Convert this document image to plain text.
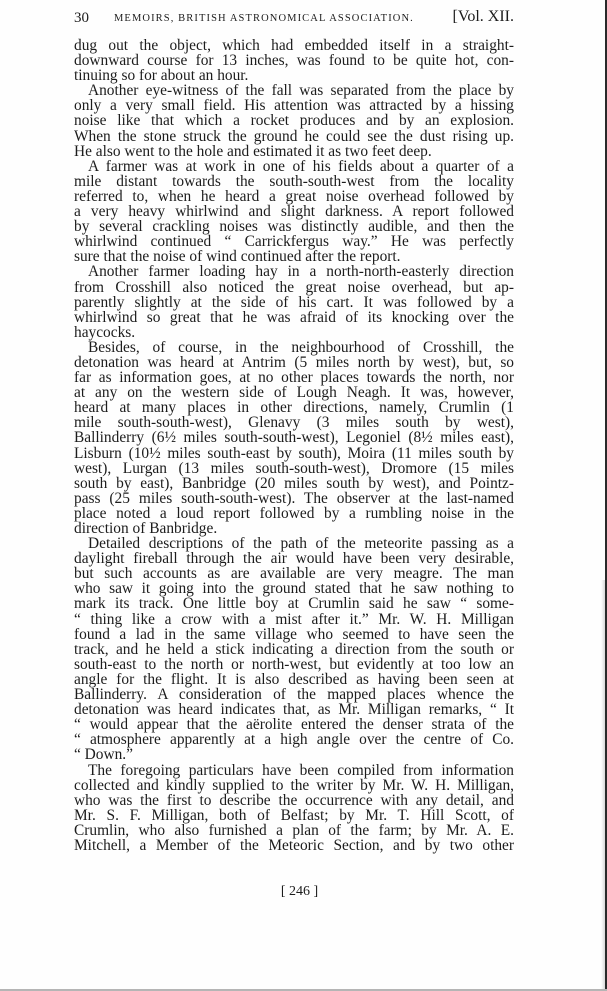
30 MEMOIRS, BRITISH ASTRONOMICAL ASSOCIATION. [Vol. XII.
dug out the object, which had embedded itself in a straight-
downward course for 13 inches, was found to be quite hot, con-
tinuing so for about an hour.
Another eye-witness of the fall was separated from the place by
only a very small field. His attention was attracted by a hissing
noise like that which a rocket produces and by an explosion.
When the stone struck the ground he could see the dust rising up.
He also went to the hole and estimated it as two feet deep.
A farmer was at work in one of his fields about a quarter of a
mile distant towards the south-south-west from the locality
referred to, when he heard a great noise overhead followed by
a very heavy whirlwind and slight darkness. A report followed
by several crackling noises was distinctly audible, and then the
whirlwind continued “ Carrickfergus way.” He was perfectly
sure that the noise of wind continued after the report.
Another farmer loading hay in a north-north-easterly direction
from Crosshill also noticed the great noise overhead, but ap-
parently slightly at the side of his cart. It was followed by a
whirlwind so great that he was afraid of its knocking over the
haycocks.
Besides, of course, in the neighbourhood of Crosshill, the
detonation was heard at Antrim (5 miles north by west), but, so
far as information goes, at no other places towards the north, nor
at any on the western side of Lough Neagh. It was, however,
heard at many places in other directions, namely, Crumlin (1
mile south-south-west), Glenavy (3 miles south by west),
Ballinderry (6½ miles south-south-west), Legoniel (8½ miles east),
Lisburn (10½ miles south-east by south), Moira (11 miles south by
west), Lurgan (13 miles south-south-west), Dromore (15 miles
south by east), Banbridge (20 miles south by west), and Pointz-
pass (25 miles south-south-west). The observer at the last-named
place noted a loud report followed by a rumbling noise in the
direction of Banbridge.
Detailed descriptions of the path of the meteorite passing as a
daylight fireball through the air would have been very desirable,
but such accounts as are available are very meagre. The man
who saw it going into the ground stated that he saw nothing to
mark its track. One little boy at Crumlin said he saw “ some-
“ thing like a crow with a mist after it.” Mr. W. H. Milligan
found a lad in the same village who seemed to have seen the
track, and he held a stick indicating a direction from the south or
south-east to the north or north-west, but evidently at too low an
angle for the flight. It is also described as having been seen at
Ballinderry. A consideration of the mapped places whence the
detonation was heard indicates that, as Mr. Milligan remarks, “ It
“ would appear that the aërolite entered the denser strata of the
“ atmosphere apparently at a high angle over the centre of Co.
“ Down.”
The foregoing particulars have been compiled from information
collected and kindly supplied to the writer by Mr. W. H. Milligan,
who was the first to describe the occurrence with any detail, and
Mr. S. F. Milligan, both of Belfast; by Mr. T. Hill Scott, of
Crumlin, who also furnished a plan of the farm; by Mr. A. E.
Mitchell, a Member of the Meteoric Section, and by two other
[ 246 ]
